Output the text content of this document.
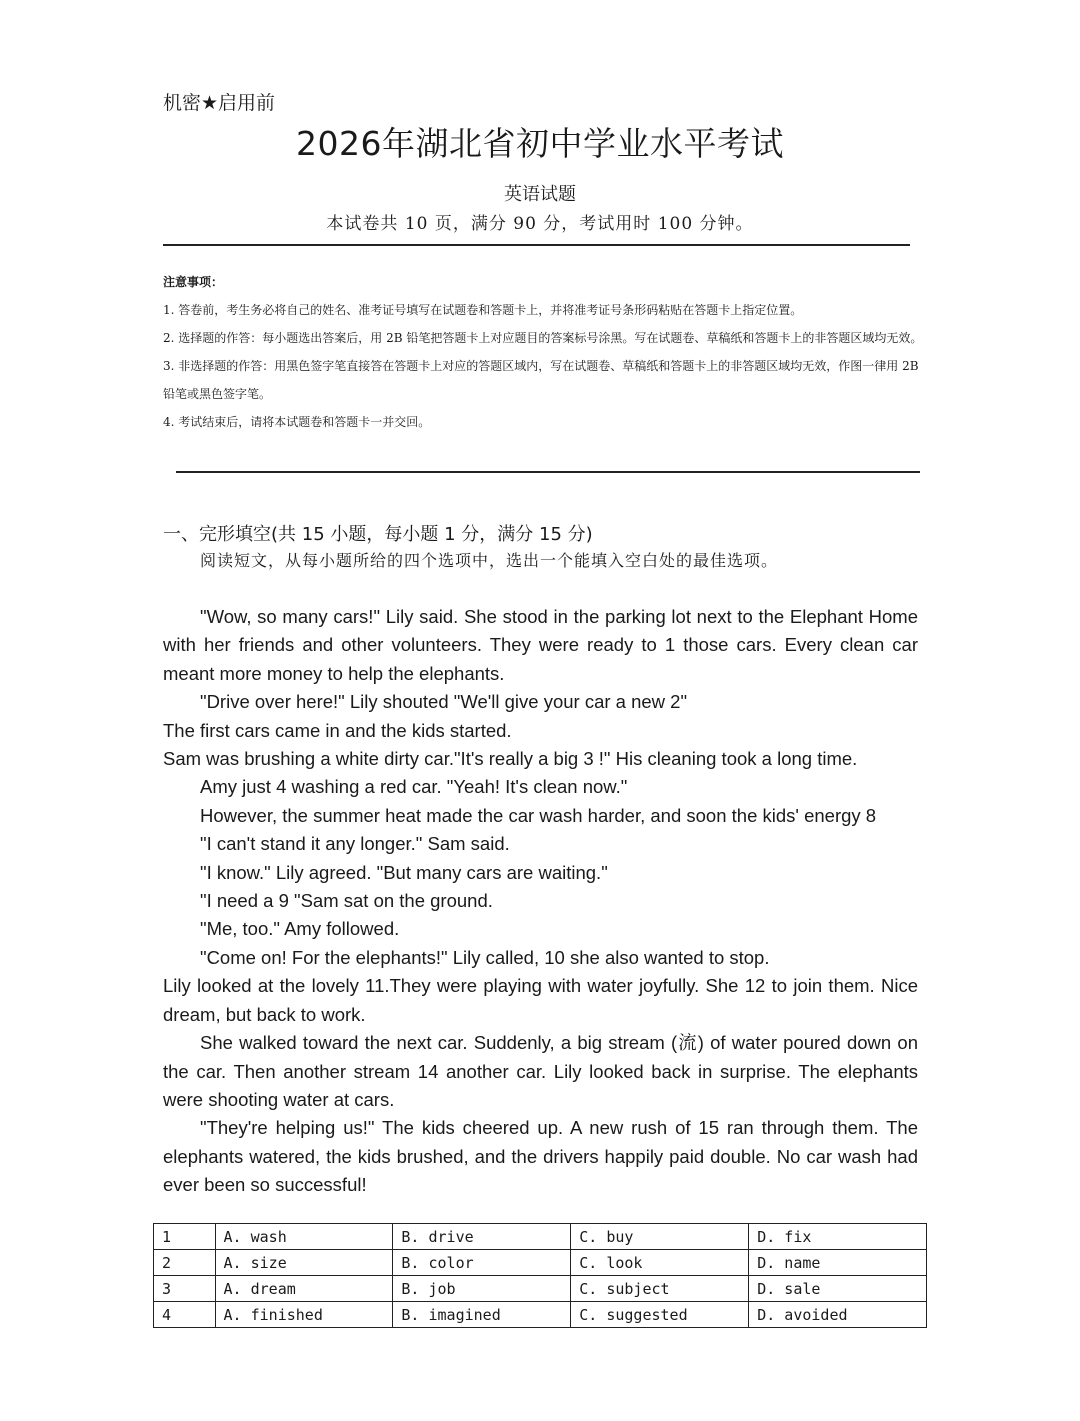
机密★启用前
2026年湖北省初中学业水平考试
英语试题
本试卷共 10 页，满分 90 分，考试用时 100 分钟。
注意事项：
1. 答卷前，考生务必将自己的姓名、准考证号填写在试题卷和答题卡上，并将准考证号条形码粘贴在答题卡上指定位置。
2. 选择题的作答：每小题选出答案后，用 2B 铅笔把答题卡上对应题目的答案标号涂黑。写在试题卷、草稿纸和答题卡上的非答题区域均无效。
3. 非选择题的作答：用黑色签字笔直接答在答题卡上对应的答题区域内，写在试题卷、草稿纸和答题卡上的非答题区域均无效，作图一律用 2B 铅笔或黑色签字笔。
4. 考试结束后，请将本试题卷和答题卡一并交回。
一、完形填空(共 15 小题，每小题 1 分，满分 15 分)
阅读短文，从每小题所给的四个选项中，选出一个能填入空白处的最佳选项。

"Wow, so many cars!" Lily said. She stood in the parking lot next to the Elephant Home with her friends and other volunteers. They were ready to 1 those cars. Every clean car meant more money to help the elephants.

"Drive over here!" Lily shouted "We'll give your car a new 2"

The first cars came in and the kids started.

Sam was brushing a white dirty car."It's really a big 3 !" His cleaning took a long time.

Amy just 4 washing a red car. "Yeah! It's clean now."

However, the summer heat made the car wash harder, and soon the kids' energy 8

"I can't stand it any longer." Sam said.

"I know." Lily agreed. "But many cars are waiting."

"I need a 9 "Sam sat on the ground.

"Me, too." Amy followed.

"Come on! For the elephants!" Lily called, 10 she also wanted to stop.

Lily looked at the lovely 11.They were playing with water joyfully. She 12 to join them. Nice dream, but back to work.

She walked toward the next car. Suddenly, a big stream (流) of water poured down on the car. Then another stream 14 another car. Lily looked back in surprise. The elephants were shooting water at cars.

"They're helping us!" The kids cheered up. A new rush of 15 ran through them. The elephants watered, the kids brushed, and the drivers happily paid double. No car wash had ever been so successful!

1	A. wash	B. drive	C. buy	D. fix
2	A. size	B. color	C. look	D. name
3	A. dream	B. job	C. subject	D. sale
4	A. finished	B. imagined	C. suggested	D. avoided
